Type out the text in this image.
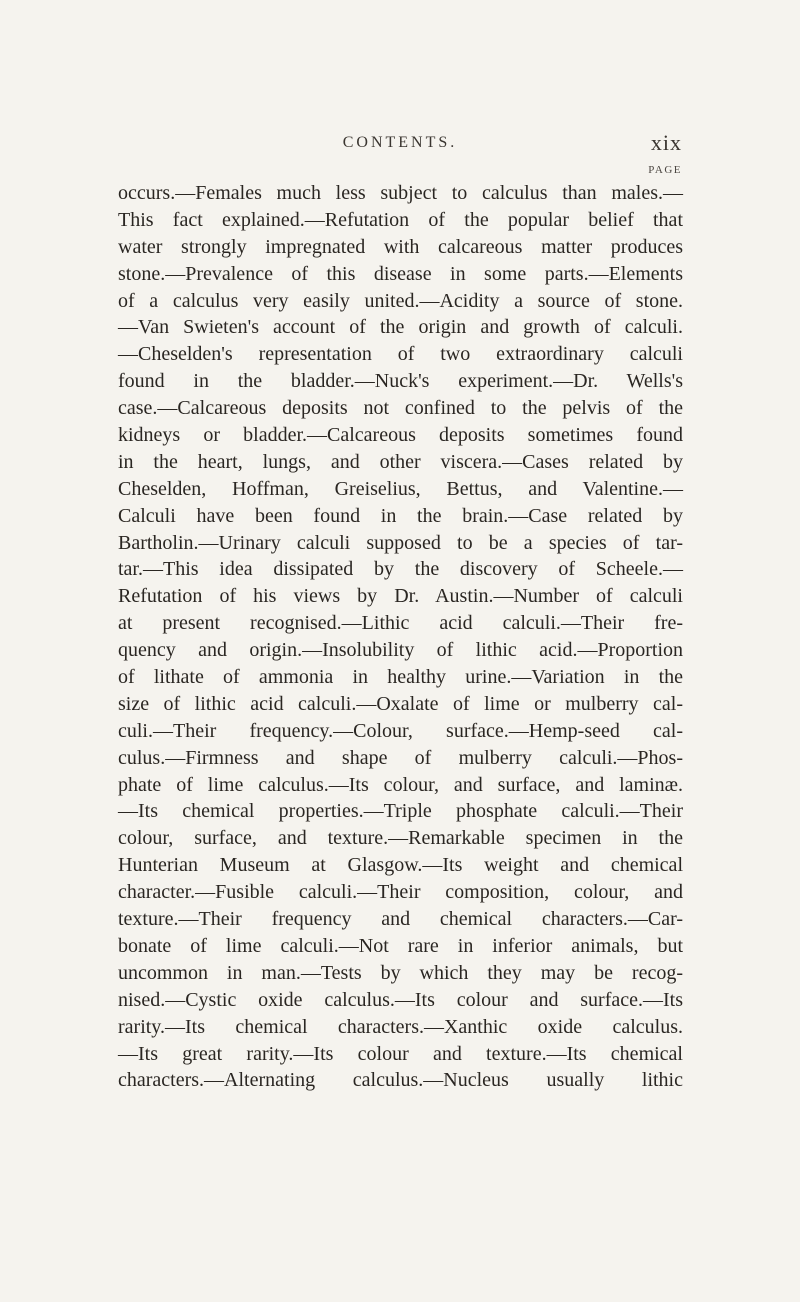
CONTENTS.	xix
PAGE
occurs.—Females much less subject to calculus than males.—
This fact explained.—Refutation of the popular belief that
water strongly impregnated with calcareous matter produces
stone.—Prevalence of this disease in some parts.—Elements
of a calculus very easily united.—Acidity a source of stone.
—Van Swieten's account of the origin and growth of calculi.
—Cheselden's representation of two extraordinary calculi
found in the bladder.—Nuck's experiment.—Dr. Wells's
case.—Calcareous deposits not confined to the pelvis of the
kidneys or bladder.—Calcareous deposits sometimes found
in the heart, lungs, and other viscera.—Cases related by
Cheselden, Hoffman, Greiselius, Bettus, and Valentine.—
Calculi have been found in the brain.—Case related by
Bartholin.—Urinary calculi supposed to be a species of tar-
tar.—This idea dissipated by the discovery of Scheele.—
Refutation of his views by Dr. Austin.—Number of calculi
at present recognised.—Lithic acid calculi.—Their fre-
quency and origin.—Insolubility of lithic acid.—Proportion
of lithate of ammonia in healthy urine.—Variation in the
size of lithic acid calculi.—Oxalate of lime or mulberry cal-
culi.—Their frequency.—Colour, surface.—Hemp-seed cal-
culus.—Firmness and shape of mulberry calculi.—Phos-
phate of lime calculus.—Its colour, and surface, and laminæ.
—Its chemical properties.—Triple phosphate calculi.—Their
colour, surface, and texture.—Remarkable specimen in the
Hunterian Museum at Glasgow.—Its weight and chemical
character.—Fusible calculi.—Their composition, colour, and
texture.—Their frequency and chemical characters.—Car-
bonate of lime calculi.—Not rare in inferior animals, but
uncommon in man.—Tests by which they may be recog-
nised.—Cystic oxide calculus.—Its colour and surface.—Its
rarity.—Its chemical characters.—Xanthic oxide calculus.
—Its great rarity.—Its colour and texture.—Its chemical
characters.—Alternating calculus.—Nucleus usually lithic
